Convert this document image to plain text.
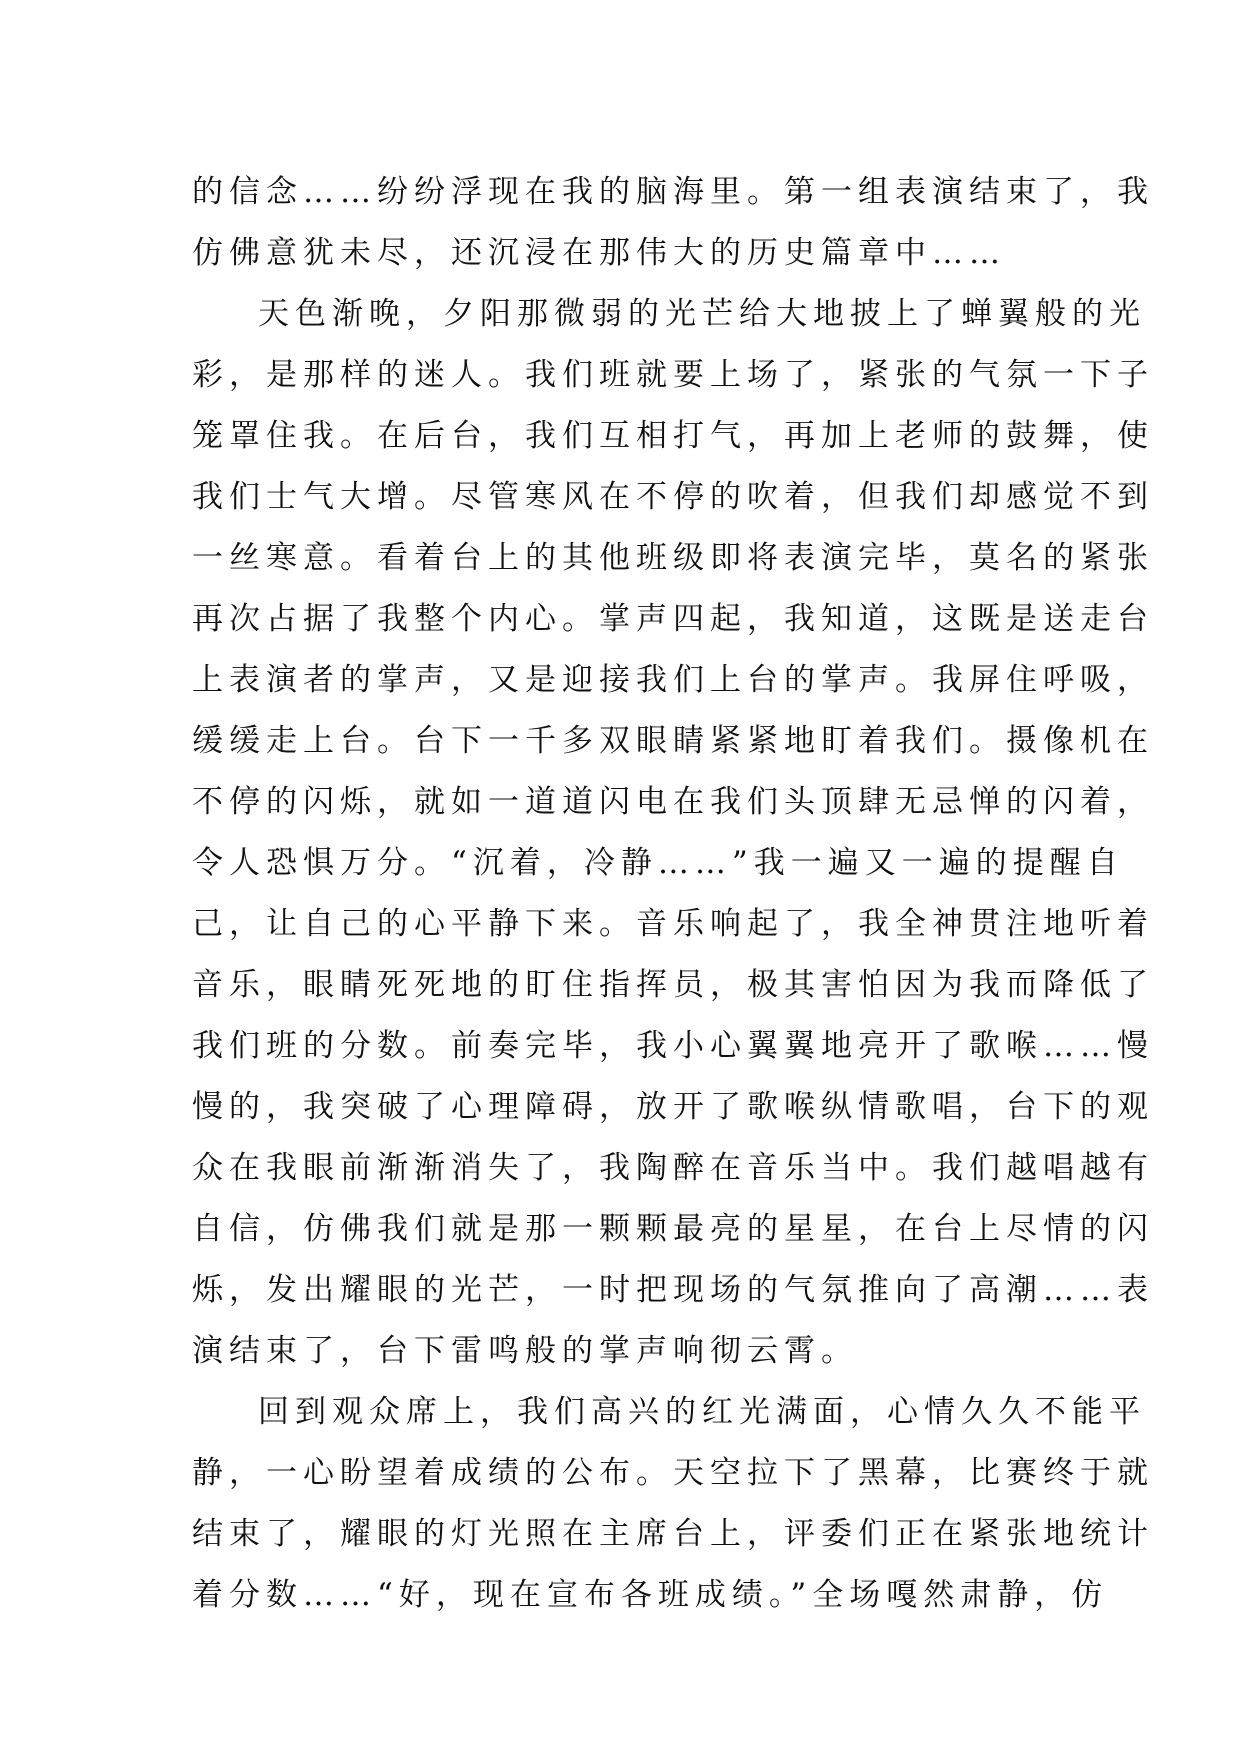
的信念……纷纷浮现在我的脑海里。第一组表演结束了，我
仿佛意犹未尽，还沉浸在那伟大的历史篇章中……
天色渐晚，夕阳那微弱的光芒给大地披上了蝉翼般的光
彩，是那样的迷人。我们班就要上场了，紧张的气氛一下子
笼罩住我。在后台，我们互相打气，再加上老师的鼓舞，使
我们士气大增。尽管寒风在不停的吹着，但我们却感觉不到
一丝寒意。看着台上的其他班级即将表演完毕，莫名的紧张
再次占据了我整个内心。掌声四起，我知道，这既是送走台
上表演者的掌声，又是迎接我们上台的掌声。我屏住呼吸，
缓缓走上台。台下一千多双眼睛紧紧地盯着我们。摄像机在
不停的闪烁，就如一道道闪电在我们头顶肆无忌惮的闪着，
令人恐惧万分。“沉着，冷静……”我一遍又一遍的提醒自
己，让自己的心平静下来。音乐响起了，我全神贯注地听着
音乐，眼睛死死地的盯住指挥员，极其害怕因为我而降低了
我们班的分数。前奏完毕，我小心翼翼地亮开了歌喉……慢
慢的，我突破了心理障碍，放开了歌喉纵情歌唱，台下的观
众在我眼前渐渐消失了，我陶醉在音乐当中。我们越唱越有
自信，仿佛我们就是那一颗颗最亮的星星，在台上尽情的闪
烁，发出耀眼的光芒，一时把现场的气氛推向了高潮……表
演结束了，台下雷鸣般的掌声响彻云霄。
回到观众席上，我们高兴的红光满面，心情久久不能平
静，一心盼望着成绩的公布。天空拉下了黑幕，比赛终于就
结束了，耀眼的灯光照在主席台上，评委们正在紧张地统计
着分数……“好，现在宣布各班成绩。”全场嘎然肃静，仿
